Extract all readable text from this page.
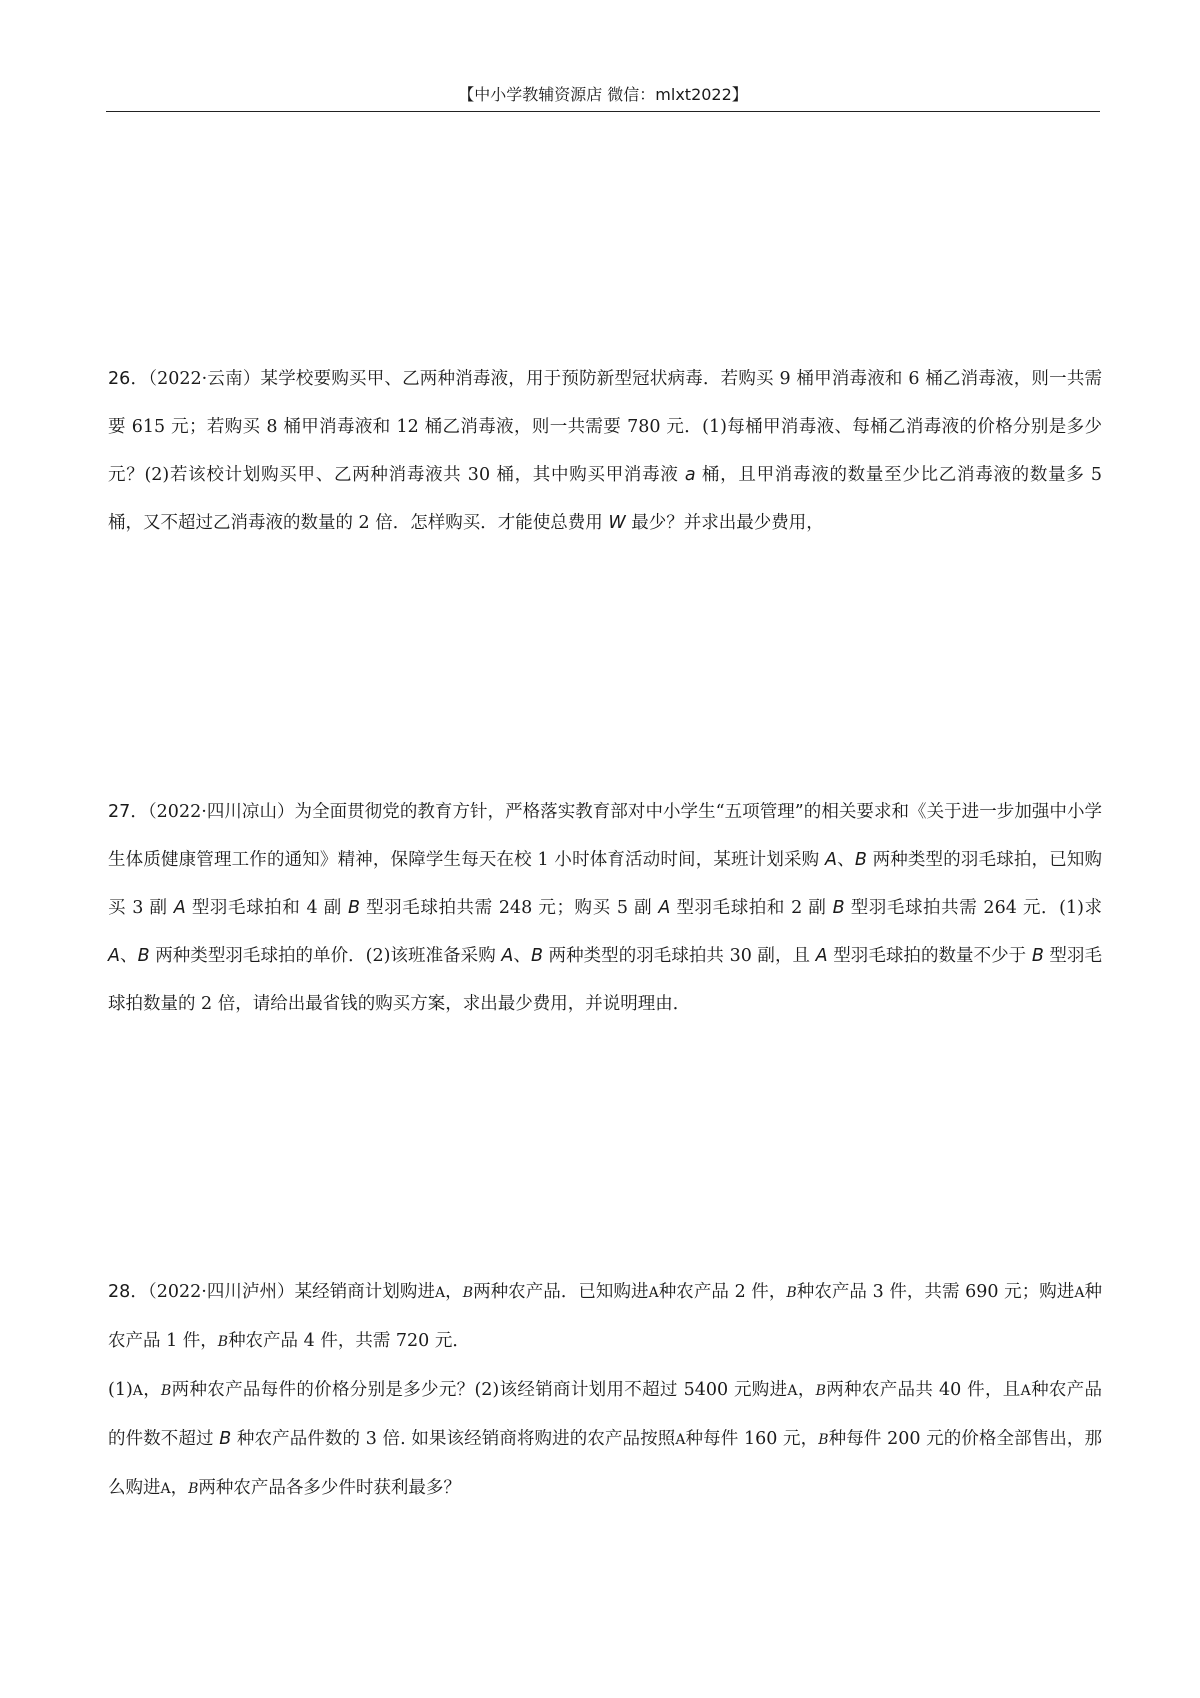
【中小学教辅资源店 微信：mlxt2022】

26．（2022·云南）某学校要购买甲、乙两种消毒液，用于预防新型冠状病毒．若购买 9 桶甲消毒液和 6 桶乙消毒液，则一共需要 615 元；若购买 8 桶甲消毒液和 12 桶乙消毒液，则一共需要 780 元．(1)每桶甲消毒液、每桶乙消毒液的价格分别是多少元？(2)若该校计划购买甲、乙两种消毒液共 30 桶，其中购买甲消毒液 a 桶，且甲消毒液的数量至少比乙消毒液的数量多 5 桶，又不超过乙消毒液的数量的 2 倍．怎样购买．才能使总费用 W 最少？并求出最少费用，

27．（2022·四川凉山）为全面贯彻党的教育方针，严格落实教育部对中小学生“五项管理”的相关要求和《关于进一步加强中小学生体质健康管理工作的通知》精神，保障学生每天在校 1 小时体育活动时间，某班计划采购 A、B 两种类型的羽毛球拍，已知购买 3 副 A 型羽毛球拍和 4 副 B 型羽毛球拍共需 248 元；购买 5 副 A 型羽毛球拍和 2 副 B 型羽毛球拍共需 264 元．(1)求 A、B 两种类型羽毛球拍的单价．(2)该班准备采购 A、B 两种类型的羽毛球拍共 30 副，且 A 型羽毛球拍的数量不少于 B 型羽毛球拍数量的 2 倍，请给出最省钱的购买方案，求出最少费用，并说明理由．

28．（2022·四川泸州）某经销商计划购进A，B两种农产品．已知购进A种农产品 2 件，B种农产品 3 件，共需 690 元；购进A种农产品 1 件，B种农产品 4 件，共需 720 元．

(1)A，B两种农产品每件的价格分别是多少元？(2)该经销商计划用不超过 5400 元购进A，B两种农产品共 40 件，且A种农产品的件数不超过 B 种农产品件数的 3 倍. 如果该经销商将购进的农产品按照A种每件 160 元，B种每件 200 元的价格全部售出，那么购进A，B两种农产品各多少件时获利最多？
